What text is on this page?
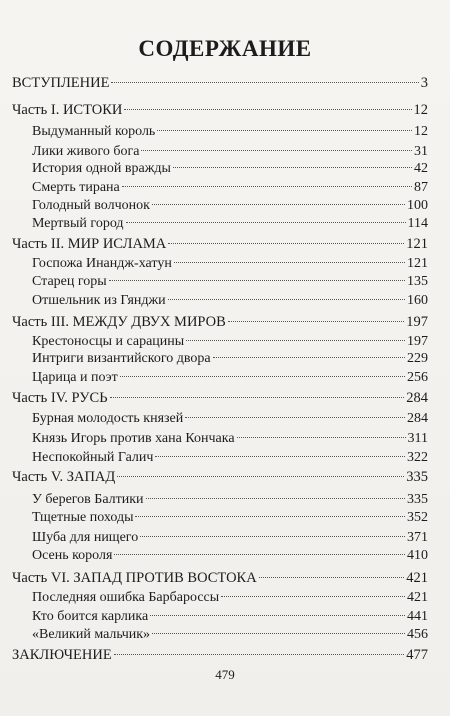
СОДЕРЖАНИЕ
ВСТУПЛЕНИЕ	3
Часть I. ИСТОКИ	12
Выдуманный король	12
Лики живого бога	31
История одной вражды	42
Смерть тирана	87
Голодный волчонок	100
Мертвый город	114
Часть II. МИР ИСЛАМА	121
Госпожа Инандж-хатун	121
Старец горы	135
Отшельник из Гянджи	160
Часть III. МЕЖДУ ДВУХ МИРОВ	197
Крестоносцы и сарацины	197
Интриги византийского двора	229
Царица и поэт	256
Часть IV. РУСЬ	284
Бурная молодость князей	284
Князь Игорь против хана Кончака	311
Неспокойный Галич	322
Часть V. ЗАПАД	335
У берегов Балтики	335
Тщетные походы	352
Шуба для нищего	371
Осень короля	410
Часть VI. ЗАПАД ПРОТИВ ВОСТОКА	421
Последняя ошибка Барбароссы	421
Кто боится карлика	441
«Великий мальчик»	456
ЗАКЛЮЧЕНИЕ	477
479
